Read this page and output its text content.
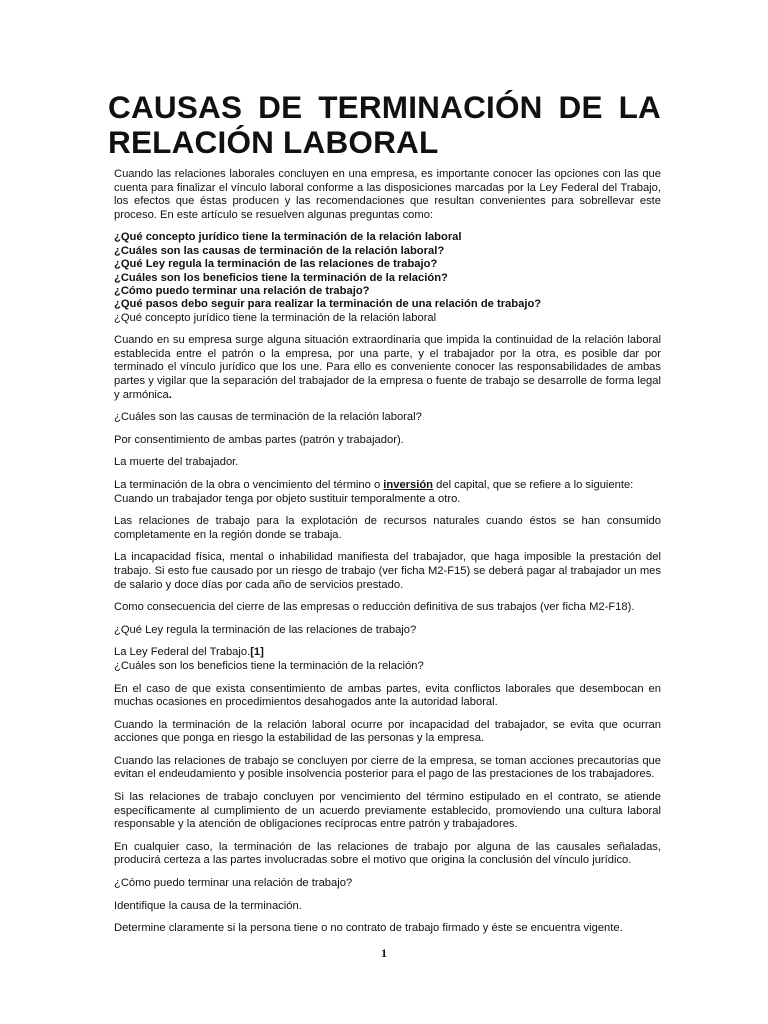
CAUSAS DE TERMINACIÓN DE LA RELACIÓN LABORAL

Cuando las relaciones laborales concluyen en una empresa, es importante conocer las opciones con las que cuenta para finalizar el vínculo laboral conforme a las disposiciones marcadas por la Ley Federal del Trabajo, los efectos que éstas producen y las recomendaciones que resultan convenientes para sobrellevar este proceso. En este artículo se resuelven algunas preguntas como:

¿Qué concepto jurídico tiene la terminación de la relación laboral
¿Cuáles son las causas de terminación de la relación laboral?
¿Qué Ley regula la terminación de las relaciones de trabajo?
¿Cuáles son los beneficios tiene la terminación de la relación?
¿Cómo puedo terminar una relación de trabajo?
¿Qué pasos debo seguir para realizar la terminación de una relación de trabajo?
¿Qué concepto jurídico tiene la terminación de la relación laboral

Cuando en su empresa surge alguna situación extraordinaria que impida la continuidad de la relación laboral establecida entre el patrón o la empresa, por una parte, y el trabajador por la otra, es posible dar por terminado el vínculo jurídico que los une. Para ello es conveniente conocer las responsabilidades de ambas partes y vigilar que la separación del trabajador de la empresa o fuente de trabajo se desarrolle de forma legal y armónica.

¿Cuáles son las causas de terminación de la relación laboral?

Por consentimiento de ambas partes (patrón y trabajador).

La muerte del trabajador.

La terminación de la obra o vencimiento del término o inversión del capital, que se refiere a lo siguiente:
Cuando un trabajador tenga por objeto sustituir temporalmente a otro.

Las relaciones de trabajo para la explotación de recursos naturales cuando éstos se han consumido completamente en la región donde se trabaja.

La incapacidad física, mental o inhabilidad manifiesta del trabajador, que haga imposible la prestación del trabajo. Si esto fue causado por un riesgo de trabajo (ver ficha M2-F15) se deberá pagar al trabajador un mes de salario y doce días por cada año de servicios prestado.

Como consecuencia del cierre de las empresas o reducción definitiva de sus trabajos (ver ficha M2-F18).

¿Qué Ley regula la terminación de las relaciones de trabajo?

La Ley Federal del Trabajo.[1]

¿Cuáles son los beneficios tiene la terminación de la relación?

En el caso de que exista consentimiento de ambas partes, evita conflictos laborales que desembocan en muchas ocasiones en procedimientos desahogados ante la autoridad laboral.

Cuando la terminación de la relación laboral ocurre por incapacidad del trabajador, se evita que ocurran acciones que ponga en riesgo la estabilidad de las personas y la empresa.

Cuando las relaciones de trabajo se concluyen por cierre de la empresa, se toman acciones precautorias que evitan el endeudamiento y posible insolvencia posterior para el pago de las prestaciones de los trabajadores.

Si las relaciones de trabajo concluyen por vencimiento del término estipulado en el contrato, se atiende específicamente al cumplimiento de un acuerdo previamente establecido, promoviendo una cultura laboral responsable y la atención de obligaciones recíprocas entre patrón y trabajadores.

En cualquier caso, la terminación de las relaciones de trabajo por alguna de las causales señaladas, producirá certeza a las partes involucradas sobre el motivo que origina la conclusión del vínculo jurídico.

¿Cómo puedo terminar una relación de trabajo?

Identifique la causa de la terminación.

Determine claramente si la persona tiene o no contrato de trabajo firmado y éste se encuentra vigente.

1
